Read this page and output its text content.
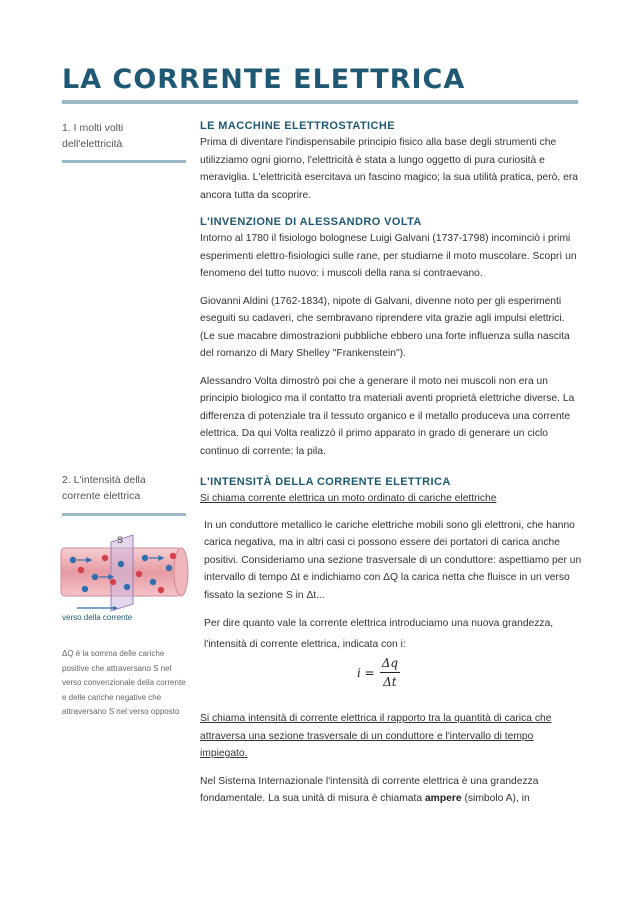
LA CORRENTE ELETTRICA
1. I molti volti dell'elettricità
LE MACCHINE ELETTROSTATICHE

Prima di diventare l'indispensabile principio fisico alla base degli strumenti che utilizziamo ogni giorno, l'elettricità è stata a lungo oggetto di pura curiosità e meraviglia. L'elettricità esercitava un fascino magico; la sua utilità pratica, però, era ancora tutta da scoprire.

L'INVENZIONE DI ALESSANDRO VOLTA

Intorno al 1780 il fisiologo bolognese Luigi Galvani (1737-1798) incominciò i primi esperimenti elettro-fisiologici sulle rane, per studiarne il moto muscolare. Scoprì un fenomeno del tutto nuovo: i muscoli della rana si contraevano.

Giovanni Aldini (1762-1834), nipote di Galvani, divenne noto per gli esperimenti eseguiti su cadaveri, che sembravano riprendere vita grazie agli impulsi elettrici. (Le sue macabre dimostrazioni pubbliche ebbero una forte influenza sulla nascita del romanzo di Mary Shelley "Frankenstein").

Alessandro Volta dimostrò poi che a generare il moto nei muscoli non era un principio biologico ma il contatto tra materiali aventi proprietà elettriche diverse. La differenza di potenziale tra il tessuto organico e il metallo produceva una corrente elettrica. Da qui Volta realizzò il primo apparato in grado di generare un ciclo continuo di corrente: la pila.

2. L'intensità della corrente elettrica
S
verso della corrente
ΔQ è la somma delle cariche positive che attraversano S nel verso convenzionale della corrente e delle cariche negative che attraversano S nel verso opposto
L'INTENSITÀ DELLA CORRENTE ELETTRICA

Si chiama corrente elettrica un moto ordinato di cariche elettriche

In un conduttore metallico le cariche elettriche mobili sono gli elettroni, che hanno carica negativa, ma in altri casi ci possono essere dei portatori di carica anche positivi. Consideriamo una sezione trasversale di un conduttore: aspettiamo per un intervallo di tempo Δt e indichiamo con ΔQ la carica netta che fluisce in un verso fissato la sezione S in Δt...

Per dire quanto vale la corrente elettrica introduciamo una nuova grandezza, l'intensità di corrente elettrica, indicata con i:

$i = \frac{\Delta q}{\Delta t}$

Si chiama intensità di corrente elettrica il rapporto tra la quantità di carica che attraversa una sezione trasversale di un conduttore e l'intervallo di tempo impiegato.

Nel Sistema Internazionale l'intensità di corrente elettrica è una grandezza fondamentale. La sua unità di misura è chiamata ampere (simbolo A), in
